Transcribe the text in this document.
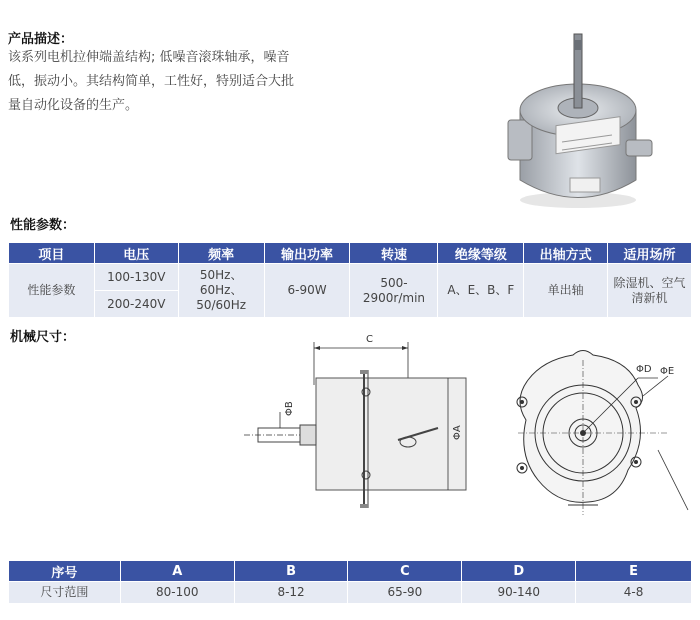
产品描述：
该系列电机拉伸端盖结构; 低噪音滚珠轴承，噪音低，振动小。其结构简单，工性好，特别适合大批量自动化设备的生产。
性能参数：
项目	电压	频率	输出功率	转速	绝缘等级	出轴方式	适用场所
性能参数	100-130V	50Hz、60Hz、50/60Hz	6-90W	500-2900r/min	A、E、B、F	单出轴	除湿机、空气清新机
	200-240V						
机械尺寸：	C
ΦB
ΦA
ΦD ΦE
序号	A	B	C	D	E
尺寸范围	80-100	8-12	65-90	90-140	4-8
